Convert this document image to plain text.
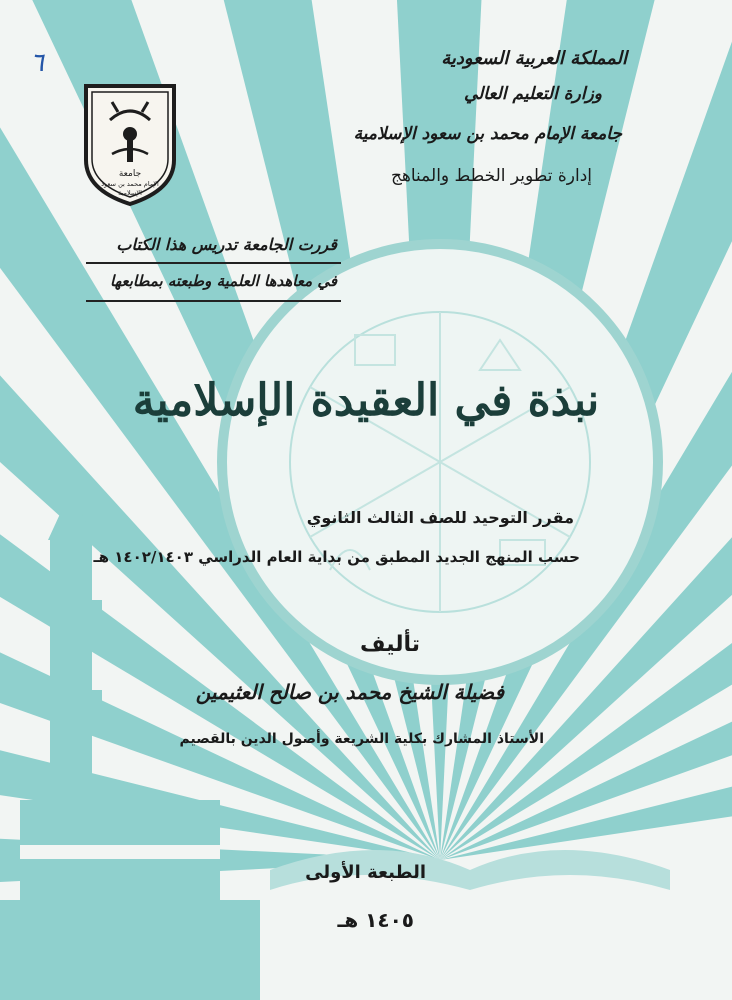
٦
جامعة
الإمام محمد بن سعود
الإسلامية
المملكة العربية السعودية
وزارة التعليم العالي
جامعة الإمام محمد بن سعود الإسلامية
إدارة تطوير الخطط والمناهج
قررت الجامعة تدريس هذا الكتاب
في معاهدها العلمية وطبعته بمطابعها
نبذة في العقيدة الإسلامية
مقرر التوحيد للصف الثالث الثانوي
حسب المنهج الجديد المطبق من بداية العام الدراسي ١٤٠٢/١٤٠٣ هـ
تأليف
فضيلة الشيخ محمد بن صالح العثيمين
الأستاذ المشارك بكلية الشريعة وأصول الدين بالقصيم
الطبعة الأولى
١٤٠٥ هـ
